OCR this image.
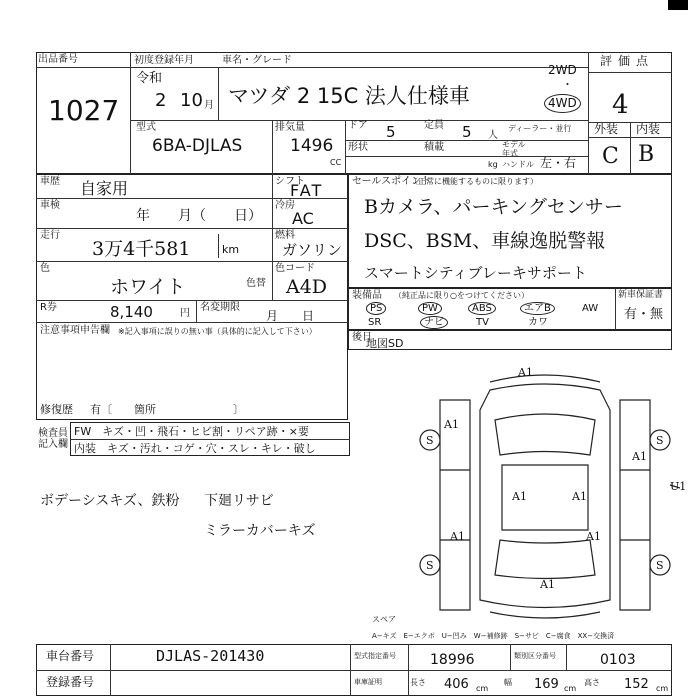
出品番号
1027
初度登録年月
令和
2 10 月
車名・グレード
マツダ 2 15C 法人仕様車
2WD
・
4WD
評価点
4
外装 内装
C B
型式
6BA-DJLAS
排気量
1496
CC
ドア 5	定員 5 人
ディーラー・並行
形状	積載	モデル年式
kg ハンドル 左・右
車歴 自家用	シフト
FAT
車検
年　　月（　　日）
冷房
AC
走行
3万4千581	km
燃料
ガソリン
色
ホワイト	色替
色コード
A4D
R券	8,140	円
名変期限
月　　日
注意事項申告欄 ※記入事項に誤りの無い事（具体的に記入して下さい）
修復歴 有〔　　箇所　　　　　　　〕
セールスポイント
（正常に機能するものに限ります）
Bカメラ、パーキングセンサー
DSC、BSM、車線逸脱警報
スマートシティブレーキサポート
装備品 （純正品に限り○をつけてください）	新車保証書
有・無
PS	PW	ABS	エアB	AW
SR	ナビ	TV	カワ
後日
地図SD
検査員記入欄
FW　キズ・凹・飛石・ヒビ割・リペア跡・×要
内装　キズ・汚れ・コゲ・穴・スレ・キレ・破し
ボデーシスキズ、鉄粉 下廻リサビ
ミラーカバーキズ
A1
U1
A1
A1	A1
A1	A1
A1
S	S
S	S
A1
スペア
A−キズ　E−エクボ　U−凹み　W−補修跡　S−サビ　C−腐食　XX−交換済
車台番号	DJLAS-201430
登録番号
型式指定番号 18996	類別区分番号	0103
車庫証明	長さ 406 cm
幅 169 cm
高さ 152 cm
